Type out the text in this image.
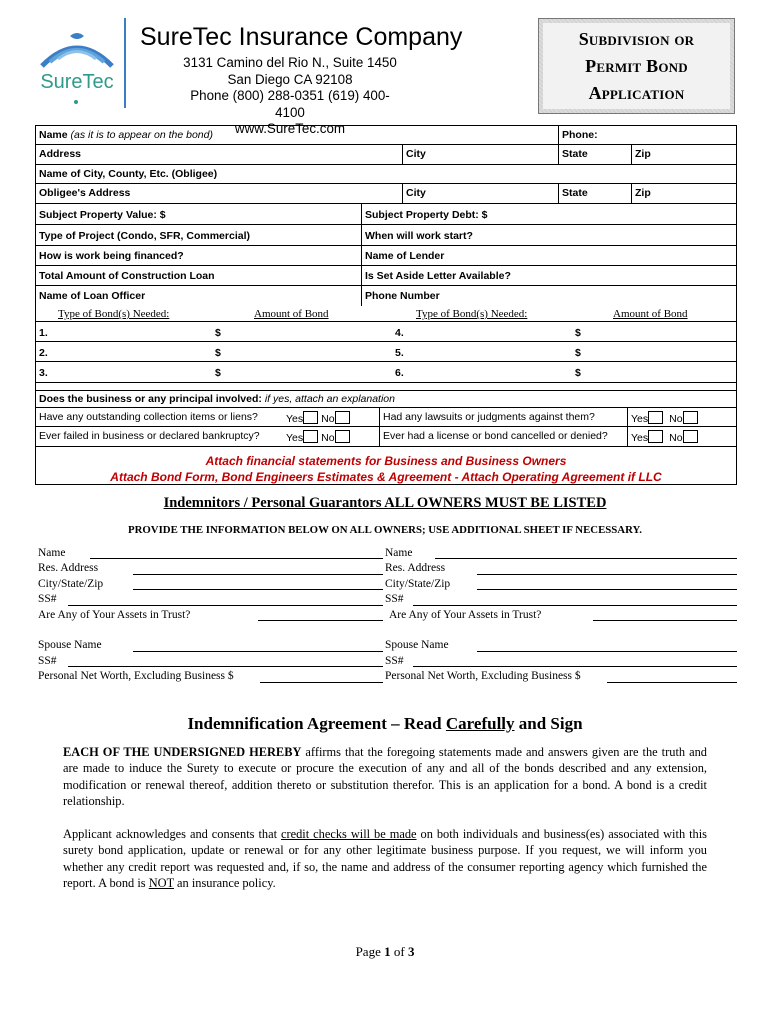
SureTec
SureTec Insurance Company
3131 Camino del Rio N., Suite 1450
San Diego CA 92108
Phone (800) 288-0351 (619) 400-4100
www.SureTec.com
Subdivision or
Permit Bond
Application
Name (as it is to appear on the bond)	Phone:
Address	City	State	Zip
Name of City, County, Etc. (Obligee)
Obligee's Address	City	State	Zip
Subject Property Value: $	Subject Property Debt: $
Type of Project (Condo, SFR, Commercial)	When will work start?
How is work being financed?	Name of Lender
Total Amount of Construction Loan	Is Set Aside Letter Available?
Name of Loan Officer	Phone Number
Type of Bond(s) Needed:	Amount of Bond	Type of Bond(s) Needed:	Amount of Bond
1.	$	4.	$
2.	$	5.	$
3.	$	6.	$
Does the business or any principal involved: if yes, attach an explanation
Have any outstanding collection items or liens?	Yes No	Had any lawsuits or judgments against them?	Yes No
Ever failed in business or declared bankruptcy?	Yes No	Ever had a license or bond cancelled or denied?	Yes No
Attach financial statements for Business and Business Owners
Attach Bond Form, Bond Engineers Estimates & Agreement - Attach Operating Agreement if LLC
Indemnitors / Personal Guarantors ALL OWNERS MUST BE LISTED
PROVIDE THE INFORMATION BELOW ON ALL OWNERS; USE ADDITIONAL SHEET IF NECESSARY.
Name
Res. Address
City/State/Zip
SS#
Are Any of Your Assets in Trust?
Spouse Name
SS#
Personal Net Worth, Excluding Business $
Name
Res. Address
City/State/Zip
SS#
Are Any of Your Assets in Trust?
Spouse Name
SS#
Personal Net Worth, Excluding Business $
Indemnification Agreement – Read Carefully and Sign
EACH OF THE UNDERSIGNED HEREBY affirms that the foregoing statements made and answers given are the truth and are made to induce the Surety to execute or procure the execution of any and all of the bonds described and any extension, modification or renewal thereof, addition thereto or substitution therefor. This is an application for a bond. A bond is a credit relationship.
Applicant acknowledges and consents that credit checks will be made on both individuals and business(es) associated with this surety bond application, update or renewal or for any other legitimate business purpose. If you request, we will inform you whether any credit report was requested and, if so, the name and address of the consumer reporting agency which furnished the report. A bond is NOT an insurance policy.
Page 1 of 3
